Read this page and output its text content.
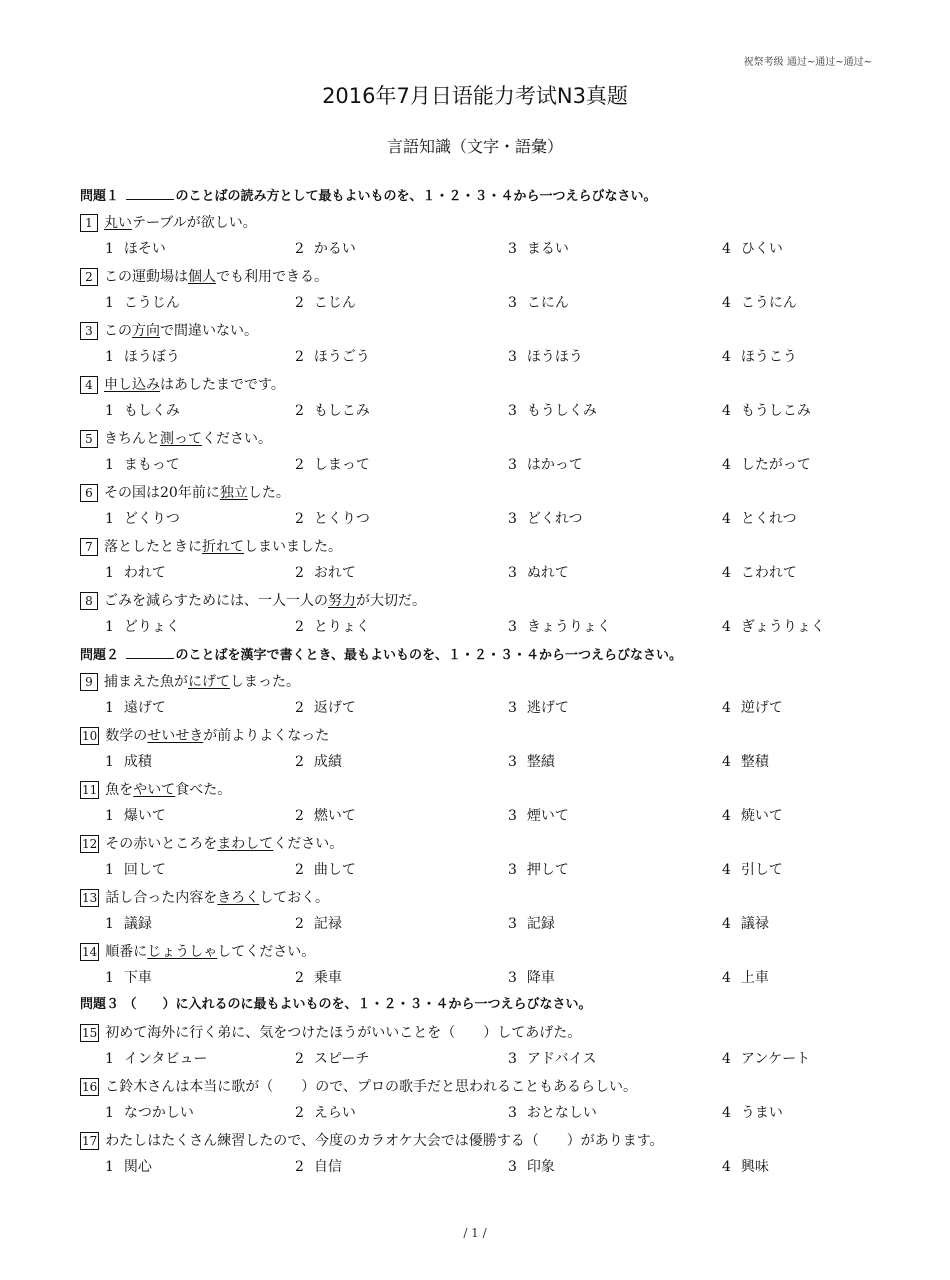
祝祭考级 通过~通过~通过~
2016年7月日语能力考试N3真题
言語知識（文字・語彙）
問題１	のことばの読み方として最もよいものを、１・２・３・４から一つえらびなさい。
1 丸いテーブルが欲しい。
1 ほそい	2 かるい	3 まるい	4 ひくい
2 この運動場は個人でも利用できる。
1 こうじん	2 こじん	3 こにん	4 こうにん
3 この方向で間違いない。
1 ほうぼう	2 ほうごう	3 ほうほう	4 ほうこう
4 申し込みはあしたまでです。
1 もしくみ	2 もしこみ	3 もうしくみ	4 もうしこみ
5 きちんと測ってください。
1 まもって	2 しまって	3 はかって	4 したがって
6 その国は20年前に独立した。
1 どくりつ	2 とくりつ	3 どくれつ	4 とくれつ
7 落としたときに折れてしまいました。
1 われて	2 おれて	3 ぬれて	4 こわれて
8 ごみを減らすためには、一人一人の努力が大切だ。
1 どりょく	2 とりょく	3 きょうりょく	4 ぎょうりょく
問題２	のことばを漢字で書くとき、最もよいものを、１・２・３・４から一つえらびなさい。
9 捕まえた魚がにげてしまった。
1 遠げて	2 返げて	3 逃げて	4 逆げて
10 数学のせいせきが前よりよくなった
1 成積	2 成績	3 整績	4 整積
11 魚をやいて食べた。
1 爆いて	2 燃いて	3 煙いて	4 焼いて
12 その赤いところをまわしてください。
1 回して	2 曲して	3 押して	4 引して
13 話し合った内容をきろくしておく。
1 議録	2 記禄	3 記録	4 議禄
14 順番にじょうしゃしてください。
1 下車	2 乗車	3 降車	4 上車
問題３ （　　）に入れるのに最もよいものを、１・２・３・４から一つえらびなさい。
15 初めて海外に行く弟に、気をつけたほうがいいことを（　　）してあげた。
1 インタビュー	2 スピーチ	3 アドバイス	4 アンケート
16 こ鈴木さんは本当に歌が（　　）ので、プロの歌手だと思われることもあるらしい。
1 なつかしい	2 えらい	3 おとなしい	4 うまい
17 わたしはたくさん練習したので、今度のカラオケ大会では優勝する（　　）があります。
1 関心	2 自信	3 印象	4 興味
/ 1 /
